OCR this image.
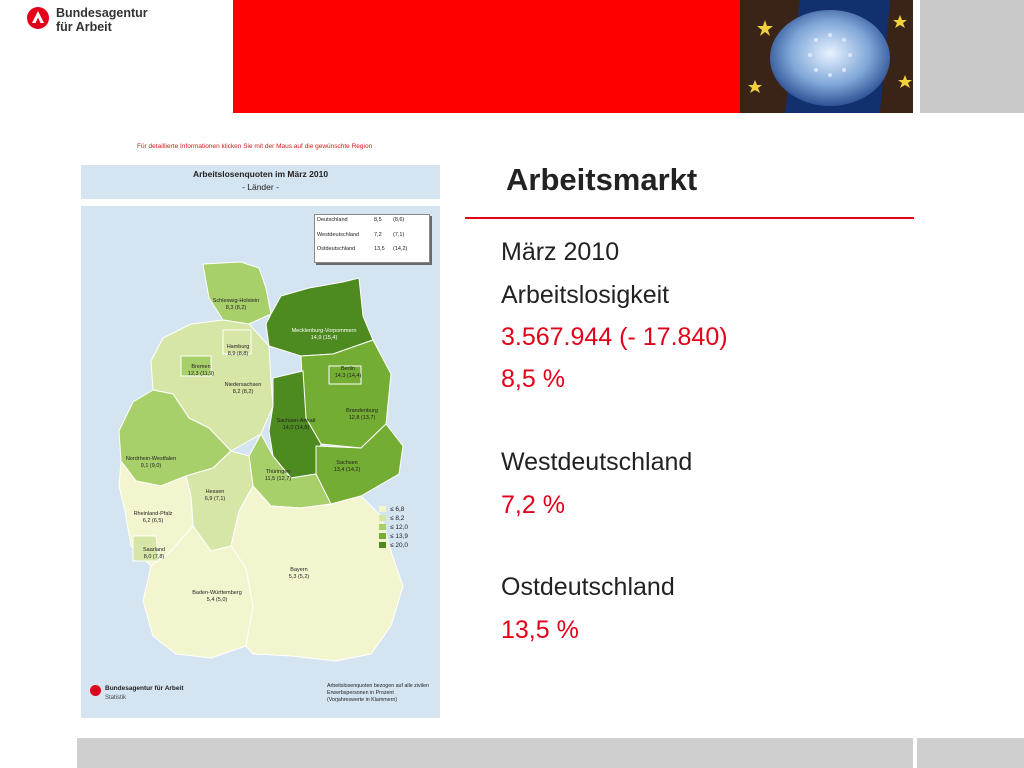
Bundesagentur
für Arbeit
Für detaillierte Informationen klicken Sie mit der Maus auf die gewünschte Region
Arbeitslosenquoten im März 2010
- Länder -
Deutschland	8,5 (8,6)
Westdeutschland	7,2 (7,1)
Ostdeutschland	13,5 (14,2)
Schleswig-Holstein
8,3 (8,2)
Mecklenburg-Vorpommern
14,9 (15,4)
Hamburg
8,9 (8,8)
Bremen
12,3 (11,9)
Berlin
14,3 (14,4)
Niedersachsen
8,2 (8,2)
Brandenburg
12,8 (13,7)
Sachsen-Anhalt
14,0 (14,8)
Nordrhein-Westfalen
9,1 (9,0)	Sachsen
13,4 (14,2)
Thüringen
11,5 (12,7)
Hessen
6,9 (7,1)
Rheinland-Pfalz
6,2 (6,5)
Saarland
8,0 (7,8)
Bayern
5,3 (5,2)
Baden-Württemberg
5,4 (5,0)
≤ 6,8
≤ 8,2
≤ 12,0
≤ 13,9
≤ 20,0
Bundesagentur für Arbeit
Statistik
Arbeitslosenquoten bezogen auf alle zivilen Erwerbspersonen in Prozent (Vorjahreswerte in Klammern)
Arbeitsmarkt
März 2010
Arbeitslosigkeit
3.567.944 (- 17.840)
8,5 %
Westdeutschland
7,2 %
Ostdeutschland
13,5 %
